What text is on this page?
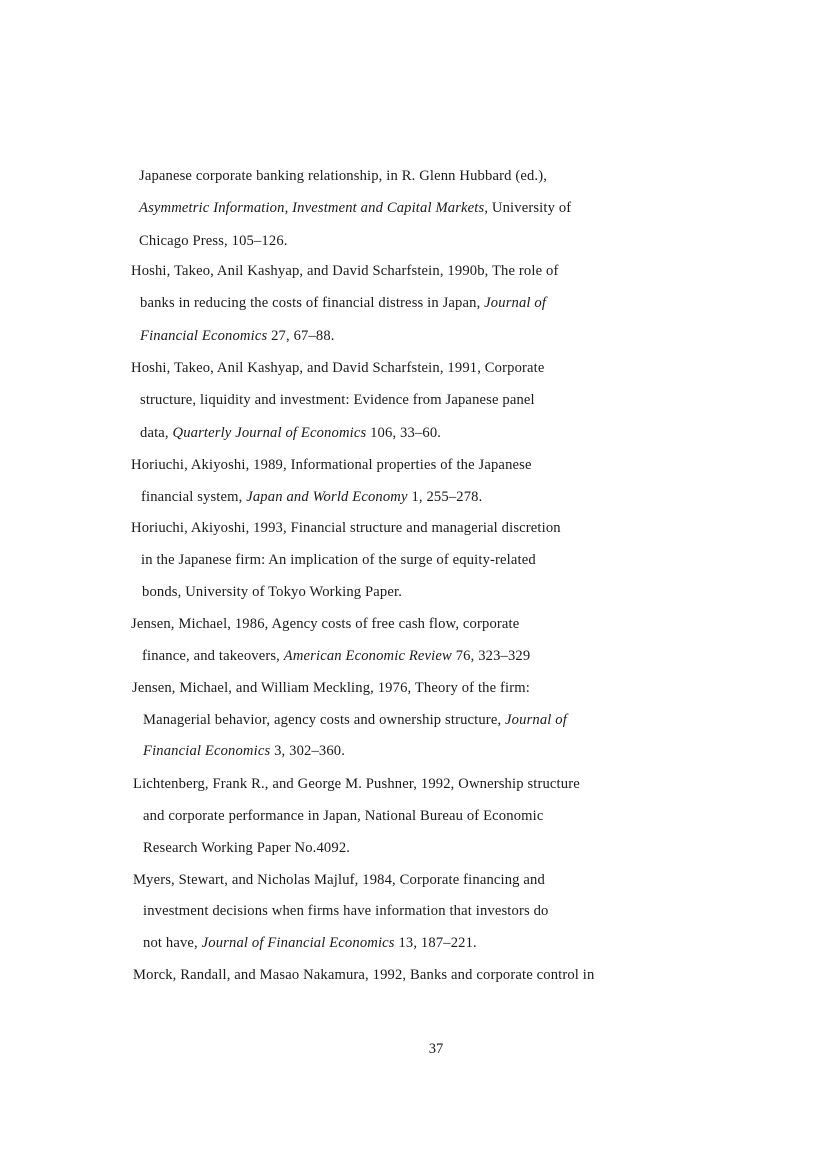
Japanese corporate banking relationship, in R. Glenn Hubbard (ed.),
Asymmetric Information, Investment and Capital Markets, University of
Chicago Press, 105–126.
Hoshi, Takeo, Anil Kashyap, and David Scharfstein, 1990b, The role of
banks in reducing the costs of financial distress in Japan, Journal of
Financial Economics 27, 67–88.
Hoshi, Takeo, Anil Kashyap, and David Scharfstein, 1991, Corporate
structure, liquidity and investment: Evidence from Japanese panel
data, Quarterly Journal of Economics 106, 33–60.
Horiuchi, Akiyoshi, 1989, Informational properties of the Japanese
financial system, Japan and World Economy 1, 255–278.
Horiuchi, Akiyoshi, 1993, Financial structure and managerial discretion
in the Japanese firm: An implication of the surge of equity-related
bonds, University of Tokyo Working Paper.
Jensen, Michael, 1986, Agency costs of free cash flow, corporate
finance, and takeovers, American Economic Review 76, 323–329
Jensen, Michael, and William Meckling, 1976, Theory of the firm:
Managerial behavior, agency costs and ownership structure, Journal of
Financial Economics 3, 302–360.
Lichtenberg, Frank R., and George M. Pushner, 1992, Ownership structure
and corporate performance in Japan, National Bureau of Economic
Research Working Paper No.4092.
Myers, Stewart, and Nicholas Majluf, 1984, Corporate financing and
investment decisions when firms have information that investors do
not have, Journal of Financial Economics 13, 187–221.
Morck, Randall, and Masao Nakamura, 1992, Banks and corporate control in
37
